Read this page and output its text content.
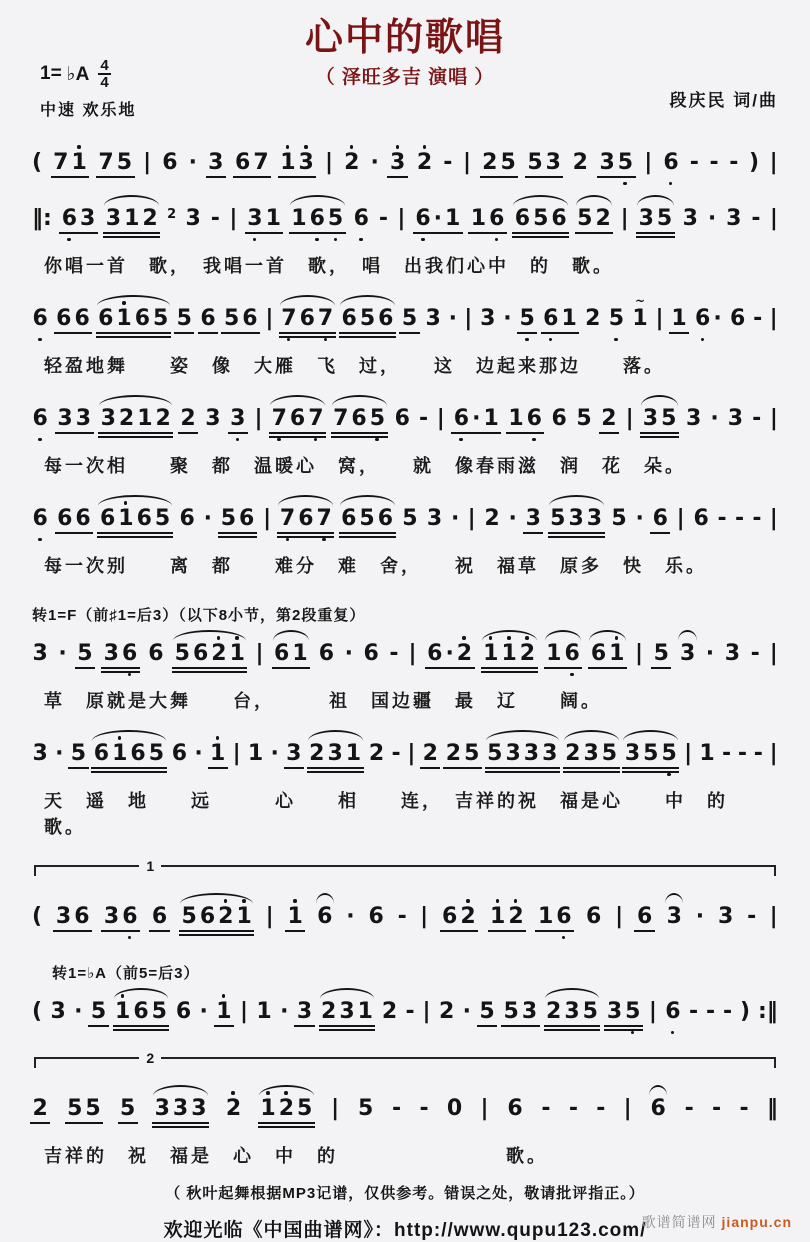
心中的歌唱
（ 泽旺多吉 演唱 ）
段庆民 词/曲
1= ♭A $\frac{4}{4}$
中速 欢乐地
( 7 1 7 5 | 6 · 3 6 7 1 3 | 2 · 3 2 - | 2 5 5 3 2 3 5 | 6 - - - ) |
‖: 6 3 3 1 2 2 3 - | 3 1 1 6 5 6 - | 6 · 1 1 6 6 5 6 5 2 | 3 5 3 · 3 - |
你唱一首　歌，　我唱一首　歌，　唱　出我们心中　的　歌。
6 6 6 6 1 6 5 5 6 5 6 | 7 6 7 6 5 6 5 3 · | 3 · 5 6 1 2 5 1
~
| 1 6 · 6 - |
轻盈地舞　　姿　像　大雁　飞　过，　　这　边起来那边　　落。
6 3 3 3 2 1 2 2 3 3 | 7 6 7 7 6 5 6 - | 6 · 1 1 6 6 5 2 | 3 5 3 · 3 - |
每一次相　　聚　都　温暖心　窝，　　就　像春雨滋　润　花　朵。
6 6 6 6 1 6 5 6 · 5 6 | 7 6 7 6 5 6 5 3 · | 2 · 3 5 3 3 5 · 6 | 6 - - - |
每一次别　　离　都　　难分　难　舍，　　祝　福草　原多　快　乐。
转1=F（前♯1=后3）（以下8小节，第2段重复）
3 · 5 3 6 6 5 6 2 1 | 6 1 6 · 6 - | 6 · 2 1 1 2 1 6 6 1 | 5 3 · 3 - |
草　原就是大舞　　台，　　　祖　国边疆　最　辽　　阔。
3 · 5 6 1 6 5 6 · 1 | 1 · 3 2 3 1 2 - | 2 2 5 5 3 3 3 2 3 5 3 5 5 | 1 - - - |
天　遥　地　　远　　　心　　相　　连，　吉祥的祝　福是心　　中　的　歌。
1
( 3 6 3 6 6 5 6 2 1 | 1 6 · 6 - | 6 2 1 2 1 6 6 | 6 3 · 3 - |
转1=♭A（前5=后3）
( 3 · 5 1 6 5 6 · 1 | 1 · 3 2 3 1 2 - | 2 · 5 5 3 2 3 5 3 5 | 6 - - - ) :‖
2
2 5 5 5 3 3 3 2 1 2 5 | 5 - - 0 | 6 - - - | 6 - - - ‖
吉祥的　祝　福是　心　中　的　　　　　　　　歌。
（ 秋叶起舞根据MP3记谱，仅供参考。错误之处，敬请批评指正。）
欢迎光临《中国曲谱网》：http://www.qupu123.com/
歌谱简谱网 jianpu.cn
